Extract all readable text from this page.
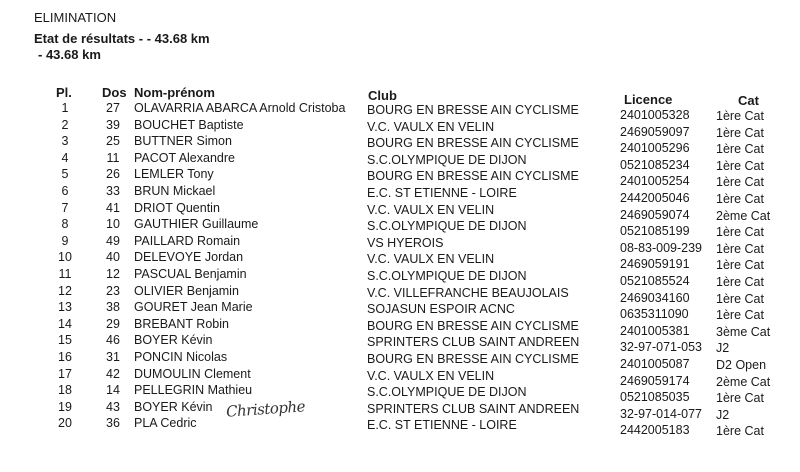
ELIMINATION
Etat de résultats - - 43.68 km
- 43.68 km
Pl. Dos Nom-prénom	Club	Licence	Cat
1	27	OLAVARRIA ABARCA Arnold Cristoba	BOURG EN BRESSE AIN CYCLISME	2401005328	1ère Cat
2	39	BOUCHET Baptiste	V.C. VAULX EN VELIN	2469059097	1ère Cat
3	25	BUTTNER Simon	BOURG EN BRESSE AIN CYCLISME	2401005296	1ère Cat
4	11	PACOT Alexandre	S.C.OLYMPIQUE DE DIJON	0521085234	1ère Cat
5	26	LEMLER Tony	BOURG EN BRESSE AIN CYCLISME	2401005254	1ère Cat
6	33	BRUN Mickael	E.C. ST ETIENNE - LOIRE	2442005046	1ère Cat
7	41	DRIOT Quentin	V.C. VAULX EN VELIN	2469059074	2ème Cat
8	10	GAUTHIER Guillaume	S.C.OLYMPIQUE DE DIJON	0521085199	1ère Cat
9	49	PAILLARD Romain	VS HYEROIS	08-83-009-239	1ère Cat
10	40	DELEVOYE Jordan	V.C. VAULX EN VELIN	2469059191	1ère Cat
11	12	PASCUAL Benjamin	S.C.OLYMPIQUE DE DIJON	0521085524	1ère Cat
12	23	OLIVIER Benjamin	V.C. VILLEFRANCHE BEAUJOLAIS	2469034160	1ère Cat
13	38	GOURET Jean Marie	SOJASUN ESPOIR ACNC	0635311090	1ère Cat
14	29	BREBANT Robin	BOURG EN BRESSE AIN CYCLISME	2401005381	3ème Cat
15	46	BOYER Kévin	SPRINTERS CLUB SAINT ANDREEN	32-97-071-053	J2
16	31	PONCIN Nicolas	BOURG EN BRESSE AIN CYCLISME	2401005087	D2 Open
17	42	DUMOULIN Clement	V.C. VAULX EN VELIN	2469059174	2ème Cat
18	14	PELLEGRIN Mathieu	S.C.OLYMPIQUE DE DIJON	0521085035	1ère Cat
19	43	BOYER Kévin	SPRINTERS CLUB SAINT ANDREEN	32-97-014-077	J2
20	36	PLA Cedric	E.C. ST ETIENNE - LOIRE	2442005183	1ère Cat
Christophe
